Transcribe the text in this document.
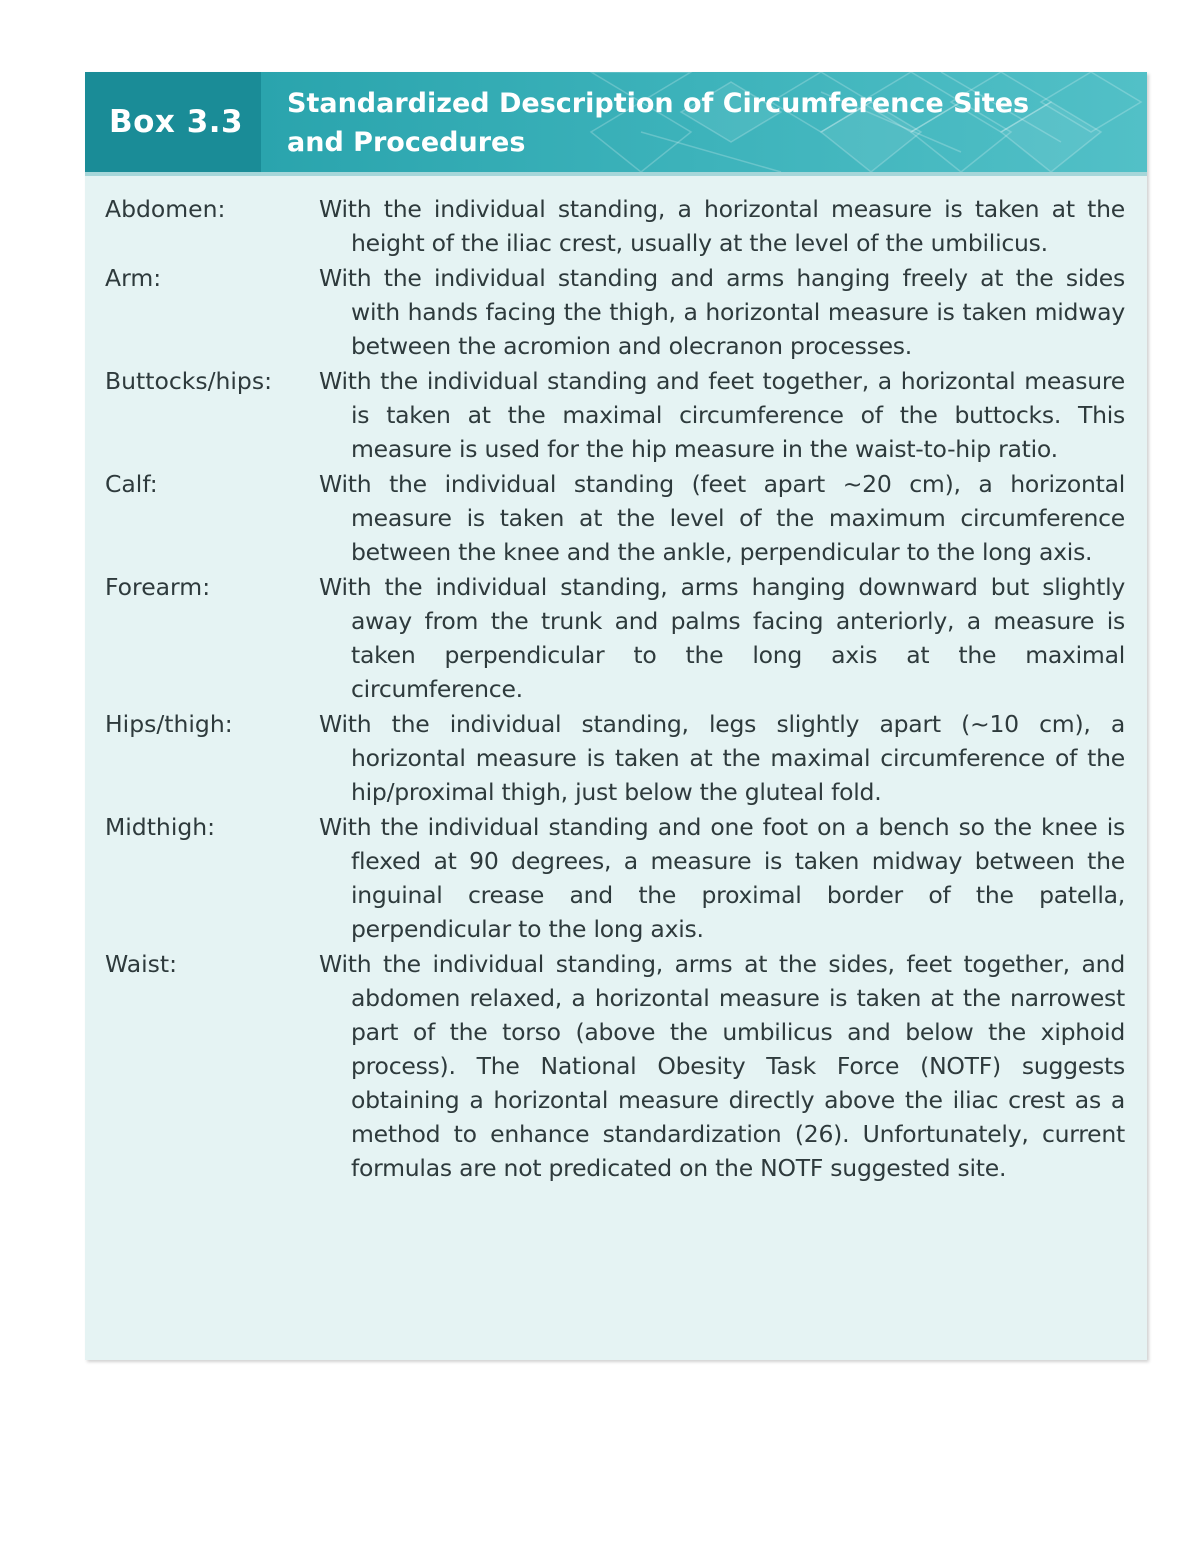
Box 3.3
Standardized Description of Circumference Sites and Procedures
Abdomen:	With the individual standing, a horizontal measure is taken at the height of the iliac crest, usually at the level of the umbilicus.
Arm:	With the individual standing and arms hanging freely at the sides with hands facing the thigh, a horizontal measure is taken midway between the acromion and olecranon processes.
Buttocks/hips:	With the individual standing and feet together, a horizontal measure is taken at the maximal circumference of the buttocks. This measure is used for the hip measure in the waist-to-hip ratio.
Calf:	With the individual standing (feet apart ~20 cm), a horizontal measure is taken at the level of the maximum circumference between the knee and the ankle, perpendicular to the long axis.
Forearm:	With the individual standing, arms hanging downward but slightly away from the trunk and palms facing anteriorly, a measure is taken perpendicular to the long axis at the maximal circumference.
Hips/thigh:	With the individual standing, legs slightly apart (~10 cm), a horizontal measure is taken at the maximal circumference of the hip/proximal thigh, just below the gluteal fold.
Midthigh:	With the individual standing and one foot on a bench so the knee is flexed at 90 degrees, a measure is taken midway between the inguinal crease and the proximal border of the patella, perpendicular to the long axis.
Waist:	With the individual standing, arms at the sides, feet together, and abdomen relaxed, a horizontal measure is taken at the narrowest part of the torso (above the umbilicus and below the xiphoid process). The National Obesity Task Force (NOTF) suggests obtaining a horizontal measure directly above the iliac crest as a method to enhance standardization (26). Unfortunately, current formulas are not predicated on the NOTF suggested site.
